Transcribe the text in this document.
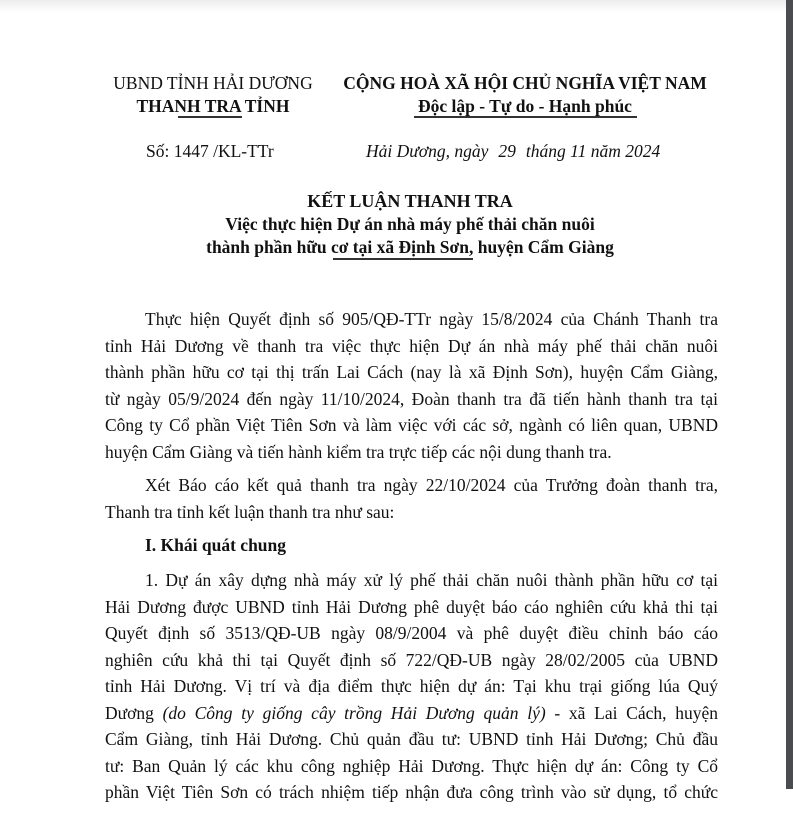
UBND TỈNH HẢI DƯƠNG
THANH TRA TỈNH
CỘNG HOÀ XÃ HỘI CHỦ NGHĨA VIỆT NAM
Độc lập - Tự do - Hạnh phúc
Số: 1447 /KL-TTr	Hải Dương, ngày 29 tháng 11 năm 2024
KẾT LUẬN THANH TRA
Việc thực hiện Dự án nhà máy phế thải chăn nuôi
thành phần hữu cơ tại xã Định Sơn, huyện Cẩm Giàng
Thực hiện Quyết định số 905/QĐ-TTr ngày 15/8/2024 của Chánh Thanh tra
tỉnh Hải Dương về thanh tra việc thực hiện Dự án nhà máy phế thải chăn nuôi
thành phần hữu cơ tại thị trấn Lai Cách (nay là xã Định Sơn), huyện Cẩm Giàng,
từ ngày 05/9/2024 đến ngày 11/10/2024, Đoàn thanh tra đã tiến hành thanh tra tại
Công ty Cổ phần Việt Tiên Sơn và làm việc với các sở, ngành có liên quan, UBND
huyện Cẩm Giàng và tiến hành kiểm tra trực tiếp các nội dung thanh tra.
Xét Báo cáo kết quả thanh tra ngày 22/10/2024 của Trưởng đoàn thanh tra,
Thanh tra tỉnh kết luận thanh tra như sau:
I. Khái quát chung
1. Dự án xây dựng nhà máy xử lý phế thải chăn nuôi thành phần hữu cơ tại
Hải Dương được UBND tỉnh Hải Dương phê duyệt báo cáo nghiên cứu khả thi tại
Quyết định số 3513/QĐ-UB ngày 08/9/2004 và phê duyệt điều chỉnh báo cáo
nghiên cứu khả thi tại Quyết định số 722/QĐ-UB ngày 28/02/2005 của UBND
tỉnh Hải Dương. Vị trí và địa điểm thực hiện dự án: Tại khu trại giống lúa Quý
Dương (do Công ty giống cây trồng Hải Dương quản lý) - xã Lai Cách, huyện
Cẩm Giàng, tỉnh Hải Dương. Chủ quản đầu tư: UBND tỉnh Hải Dương; Chủ đầu
tư: Ban Quản lý các khu công nghiệp Hải Dương. Thực hiện dự án: Công ty Cổ
phần Việt Tiên Sơn có trách nhiệm tiếp nhận đưa công trình vào sử dụng, tổ chức
